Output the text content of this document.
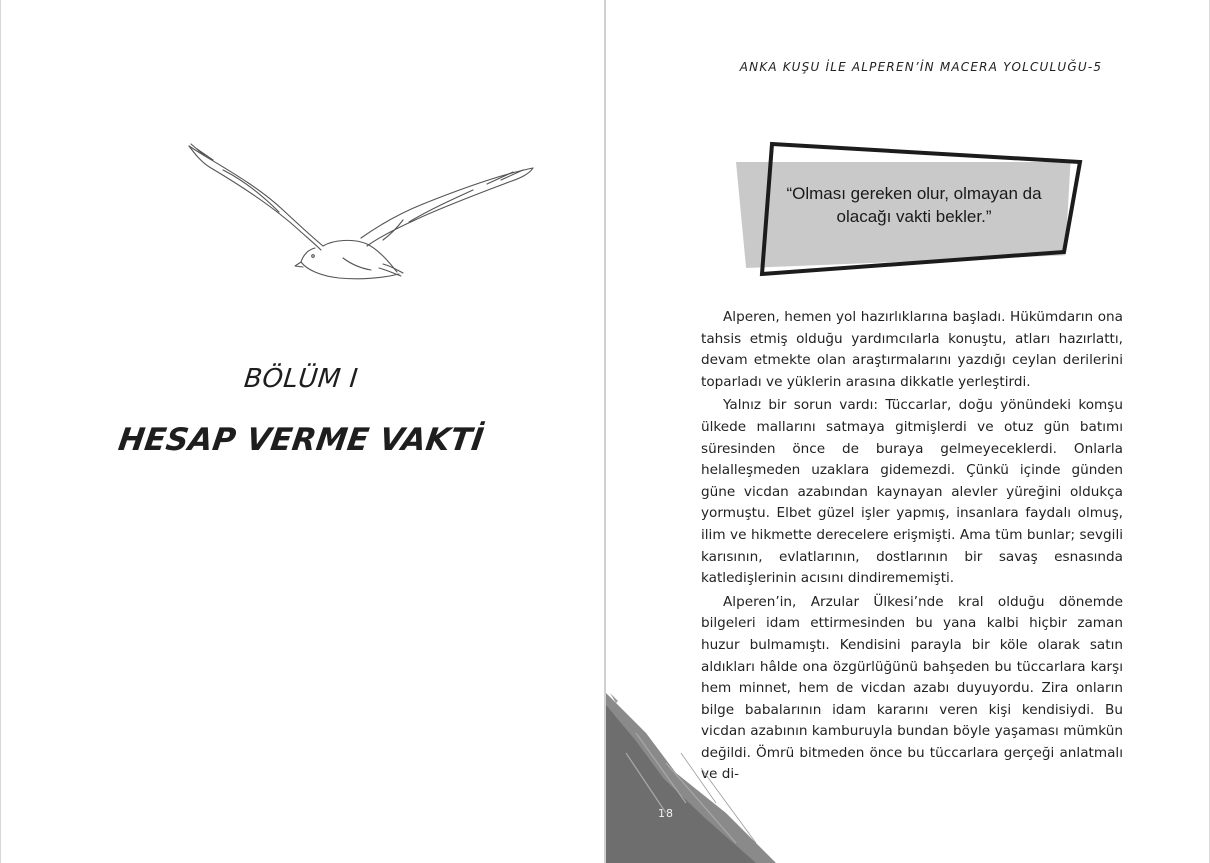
BÖLÜM I
HESAP VERME VAKTİ
ANKA KUŞU İLE ALPEREN’İN MACERA YOLCULUĞU-5
“Olması gereken olur, olmayan da
olacağı vakti bekler.”

Alperen, hemen yol hazırlıklarına başladı. Hükümdarın ona tahsis etmiş olduğu yardımcılarla konuştu, atları hazırlattı, devam etmekte olan araştırmalarını yazdığı ceylan derilerini toparladı ve yüklerin arasına dikkatle yerleştirdi.

Yalnız bir sorun vardı: Tüccarlar, doğu yönündeki komşu ülkede mallarını satmaya gitmişlerdi ve otuz gün batımı süresinden önce de buraya gelmeyeceklerdi. Onlarla helalleşmeden uzaklara gidemezdi. Çünkü içinde günden güne vicdan azabından kaynayan alevler yüreğini oldukça yormuştu. Elbet güzel işler yapmış, insanlara faydalı olmuş, ilim ve hikmette derecelere erişmişti. Ama tüm bunlar; sevgili karısının, evlatlarının, dostlarının bir savaş esnasında katledişlerinin acısını dindirememişti.

Alperen’in, Arzular Ülkesi’nde kral olduğu dönemde bilgeleri idam ettirmesinden bu yana kalbi hiçbir zaman huzur bulmamıştı. Kendisini parayla bir köle olarak satın aldıkları hâlde ona özgürlüğünü bahşeden bu tüccarlara karşı hem minnet, hem de vicdan azabı duyuyordu. Zira onların bilge babalarının idam kararını veren kişi kendisiydi. Bu vicdan azabının kamburuyla bundan böyle yaşaması mümkün değildi. Ömrü bitmeden önce bu tüccarlara gerçeği anlatmalı ve di-

18
